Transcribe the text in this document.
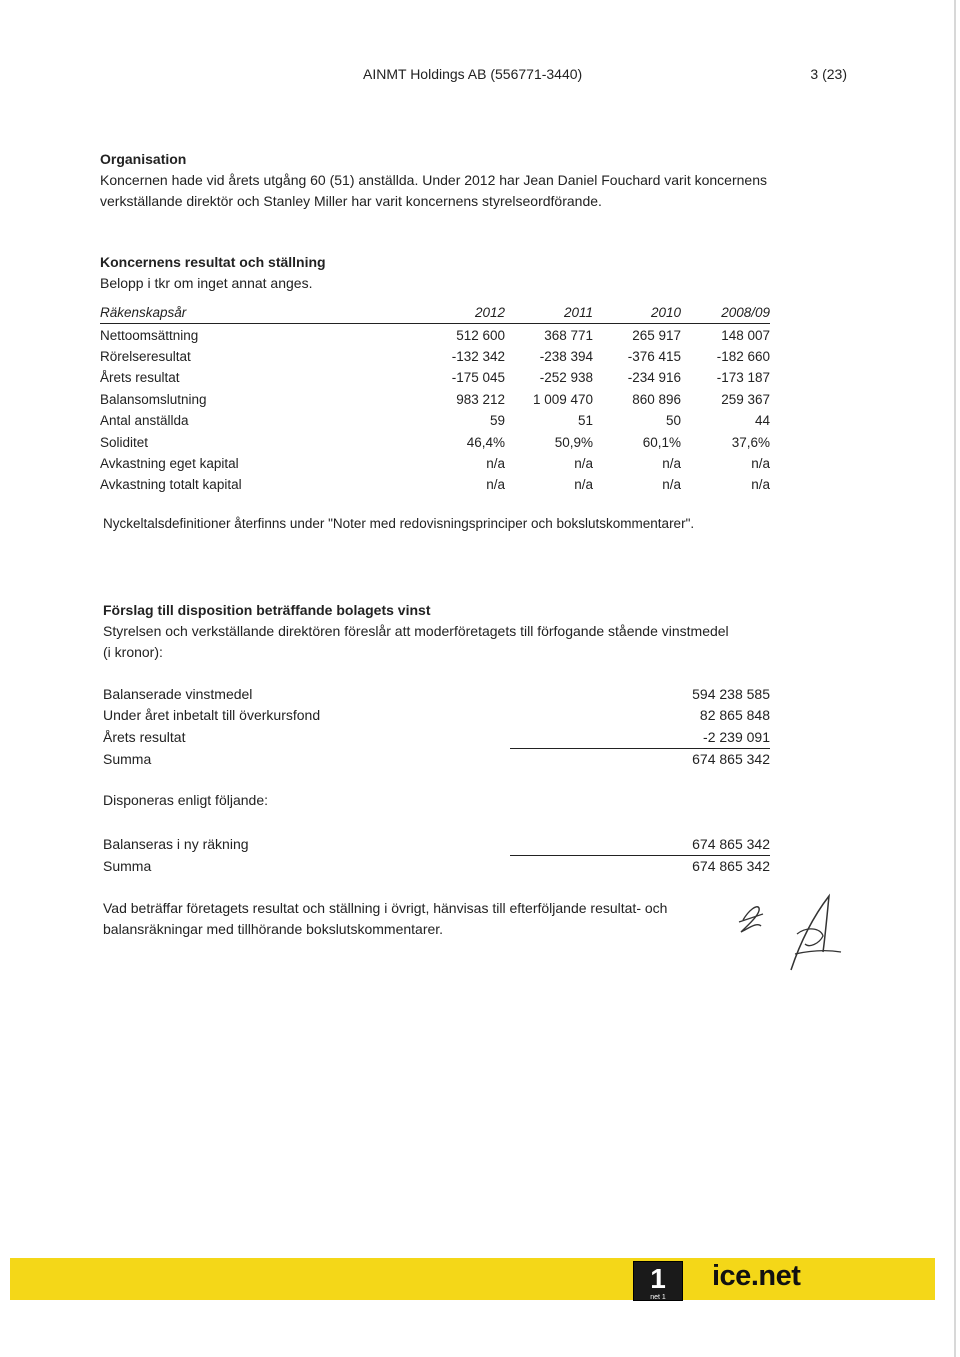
AINMT Holdings AB (556771-3440)	3 (23)

Organisation

Koncernen hade vid årets utgång 60 (51) anställda. Under 2012 har Jean Daniel Fouchard varit koncernens

verkställande direktör och Stanley Miller har varit koncernens styrelseordförande.

Koncernens resultat och ställning

Belopp i tkr om inget annat anges.

Räkenskapsår	2012	2011	2010	2008/09
Nettoomsättning	512 600	368 771	265 917	148 007
Rörelseresultat	-132 342	-238 394	-376 415	-182 660
Årets resultat	-175 045	-252 938	-234 916	-173 187
Balansomslutning	983 212	1 009 470	860 896	259 367
Antal anställda	59	51	50	44
Soliditet	46,4%	50,9%	60,1%	37,6%
Avkastning eget kapital	n/a	n/a	n/a	n/a
Avkastning totalt kapital	n/a	n/a	n/a	n/a
Nyckeltalsdefinitioner återfinns under "Noter med redovisningsprinciper och bokslutskommentarer".

Förslag till disposition beträffande bolagets vinst

Styrelsen och verkställande direktören föreslår att moderföretagets till förfogande stående vinstmedel

(i kronor):

Balanserade vinstmedel	594 238 585
Under året inbetalt till överkursfond	82 865 848
Årets resultat	-2 239 091
Summa	674 865 342
Disponeras enligt följande:
Balanseras i ny räkning	674 865 342
Summa	674 865 342

Vad beträffar företagets resultat och ställning i övrigt, hänvisas till efterföljande resultat- och

balansräkningar med tillhörande bokslutskommentarer.

1
net 1
ice.net
